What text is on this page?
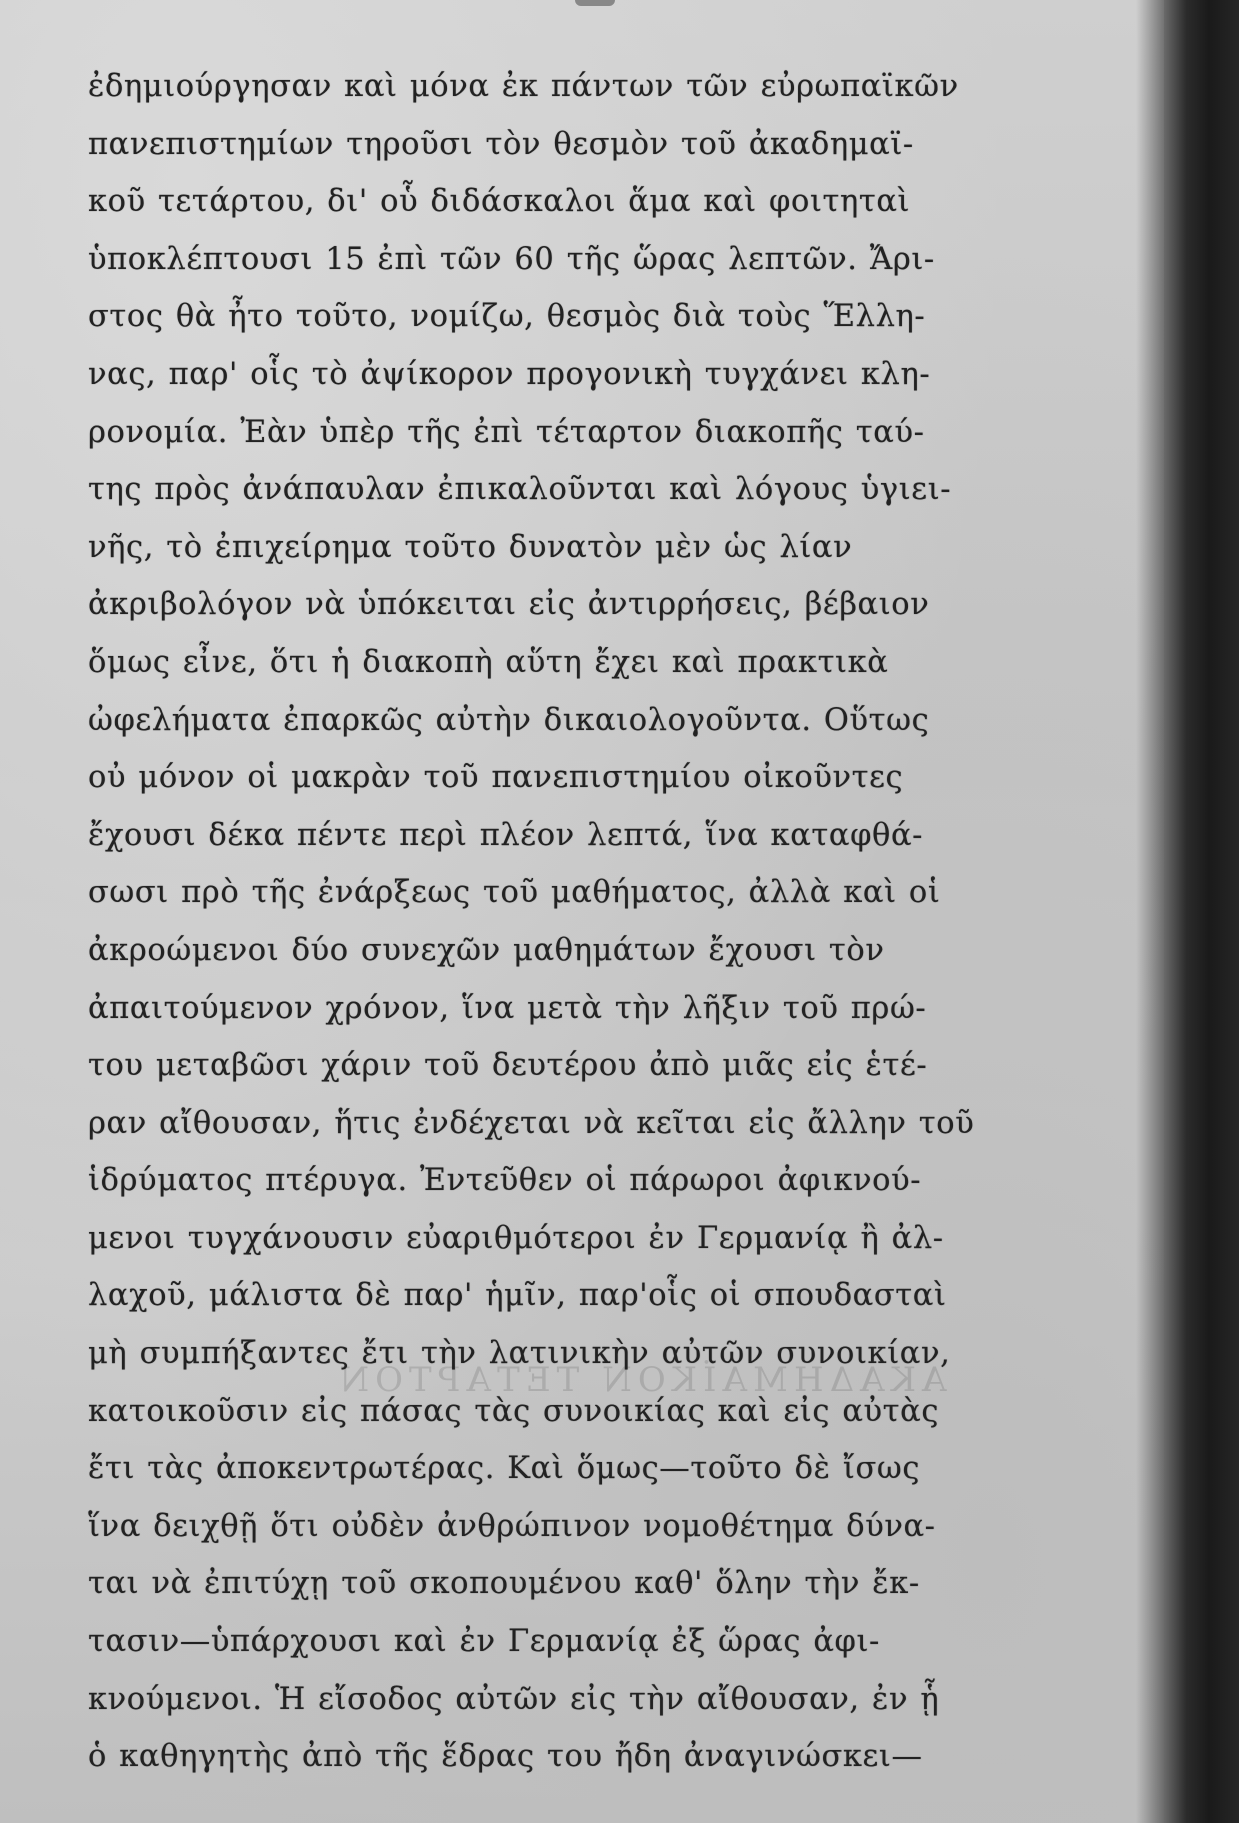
ΑΚΑΔΗΜΑΪΚΟΝ ΤΕΤΑΡΤΟΝ
ἐδημιούργησαν καὶ μόνα ἐκ πάντων τῶν εὐρωπαϊκῶν
πανεπιστημίων τηροῦσι τὸν θεσμὸν τοῦ ἀκαδημαϊ-
κοῦ τετάρτου, δι' οὗ διδάσκαλοι ἅμα καὶ φοιτηταὶ
ὑποκλέπτουσι 15 ἐπὶ τῶν 60 τῆς ὥρας λεπτῶν. Ἄρι-
στος θὰ ἦτο τοῦτο, νομίζω, θεσμὸς διὰ τοὺς Ἕλλη-
νας, παρ' οἷς τὸ ἀψίκορον προγονικὴ τυγχάνει κλη-
ρονομία. Ἐὰν ὑπὲρ τῆς ἐπὶ τέταρτον διακοπῆς ταύ-
της πρὸς ἀνάπαυλαν ἐπικαλοῦνται καὶ λόγους ὑγιει-
νῆς, τὸ ἐπιχείρημα τοῦτο δυνατὸν μὲν ὡς λίαν
ἀκριβολόγον νὰ ὑπόκειται εἰς ἀντιρρήσεις, βέβαιον
ὅμως εἶνε, ὅτι ἡ διακοπὴ αὕτη ἔχει καὶ πρακτικὰ
ὠφελήματα ἐπαρκῶς αὐτὴν δικαιολογοῦντα. Οὕτως
οὐ μόνον οἱ μακρὰν τοῦ πανεπιστημίου οἰκοῦντες
ἔχουσι δέκα πέντε περὶ πλέον λεπτά, ἵνα καταφθά-
σωσι πρὸ τῆς ἐνάρξεως τοῦ μαθήματος, ἀλλὰ καὶ οἱ
ἀκροώμενοι δύο συνεχῶν μαθημάτων ἔχουσι τὸν
ἀπαιτούμενον χρόνον, ἵνα μετὰ τὴν λῆξιν τοῦ πρώ-
του μεταβῶσι χάριν τοῦ δευτέρου ἀπὸ μιᾶς εἰς ἑτέ-
ραν αἴθουσαν, ἥτις ἐνδέχεται νὰ κεῖται εἰς ἄλλην τοῦ
ἱδρύματος πτέρυγα. Ἐντεῦθεν οἱ πάρωροι ἀφικνού-
μενοι τυγχάνουσιν εὐαριθμότεροι ἐν Γερμανίᾳ ἢ ἀλ-
λαχοῦ, μάλιστα δὲ παρ' ἡμῖν, παρ'οἷς οἱ σπουδασταὶ
μὴ συμπήξαντες ἔτι τὴν λατινικὴν αὐτῶν συνοικίαν,
κατοικοῦσιν εἰς πάσας τὰς συνοικίας καὶ εἰς αὐτὰς
ἔτι τὰς ἀποκεντρωτέρας. Καὶ ὅμως—τοῦτο δὲ ἴσως
ἵνα δειχθῇ ὅτι οὐδὲν ἀνθρώπινον νομοθέτημα δύνα-
ται νὰ ἐπιτύχῃ τοῦ σκοπουμένου καθ' ὅλην τὴν ἔκ-
τασιν—ὑπάρχουσι καὶ ἐν Γερμανίᾳ ἐξ ὥρας ἀφι-
κνούμενοι. Ἡ εἴσοδος αὐτῶν εἰς τὴν αἴθουσαν, ἐν ᾗ
ὁ καθηγητὴς ἀπὸ τῆς ἕδρας του ἤδη ἀναγινώσκει—
